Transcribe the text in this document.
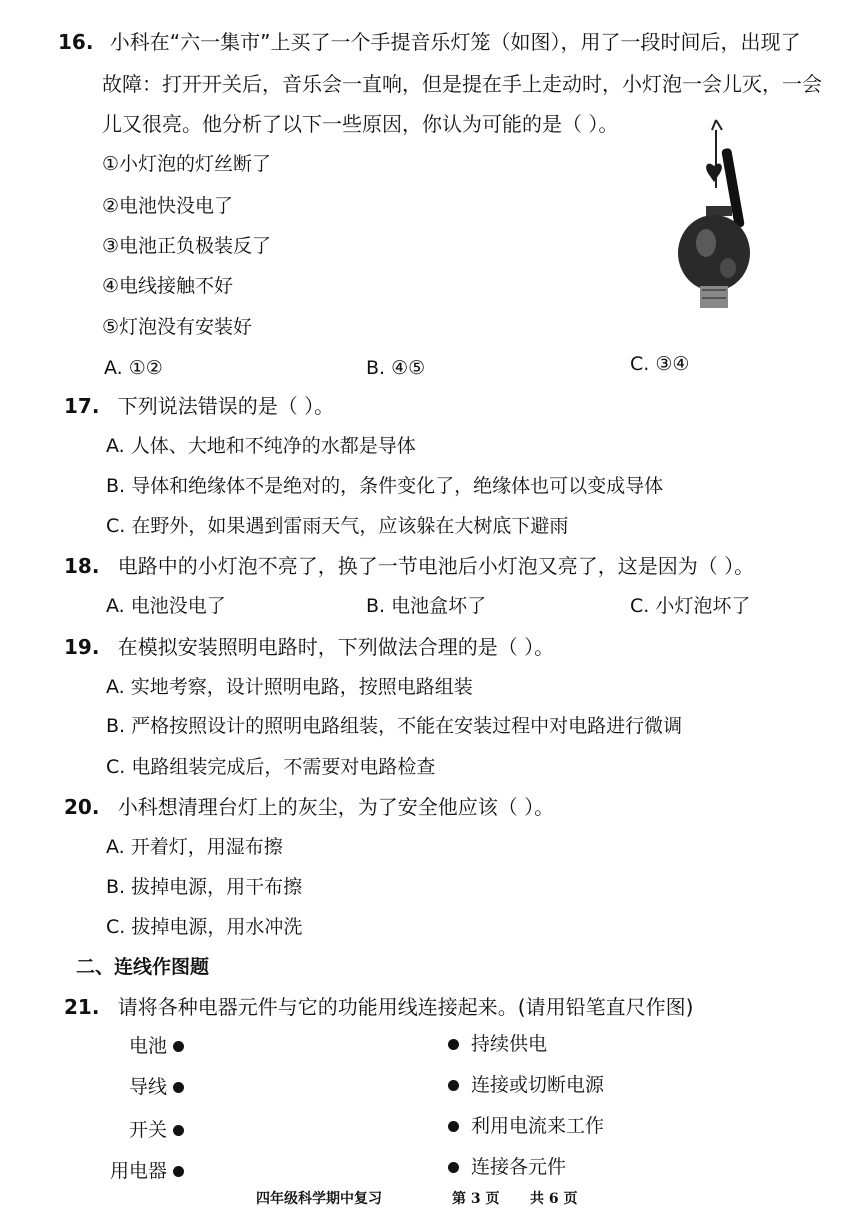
16. 小科在“六一集市”上买了一个手提音乐灯笼（如图），用了一段时间后，出现了
故障：打开开关后，音乐会一直响，但是提在手上走动时，小灯泡一会儿灭，一会
儿又很亮。他分析了以下一些原因，你认为可能的是（ ）。
①小灯泡的灯丝断了
②电池快没电了
③电池正负极装反了
④电线接触不好
⑤灯泡没有安装好
A. ①②	B. ④⑤	C. ③④
17. 下列说法错误的是（ ）。
A. 人体、大地和不纯净的水都是导体
B. 导体和绝缘体不是绝对的，条件变化了，绝缘体也可以变成导体
C. 在野外，如果遇到雷雨天气，应该躲在大树底下避雨
18. 电路中的小灯泡不亮了，换了一节电池后小灯泡又亮了，这是因为（ ）。
A. 电池没电了	B. 电池盒坏了	C. 小灯泡坏了
19. 在模拟安装照明电路时，下列做法合理的是（ ）。
A. 实地考察，设计照明电路，按照电路组装
B. 严格按照设计的照明电路组装，不能在安装过程中对电路进行微调
C. 电路组装完成后，不需要对电路检查
20. 小科想清理台灯上的灰尘，为了安全他应该（ ）。
A. 开着灯，用湿布擦
B. 拔掉电源，用干布擦
C. 拔掉电源，用水冲洗
二、连线作图题
21. 请将各种电器元件与它的功能用线连接起来。(请用铅笔直尺作图)
电池
导线
开关
用电器
持续供电
连接或切断电源
利用电流来工作
连接各元件
四年级科学期中复习	第 3 页 共 6 页
